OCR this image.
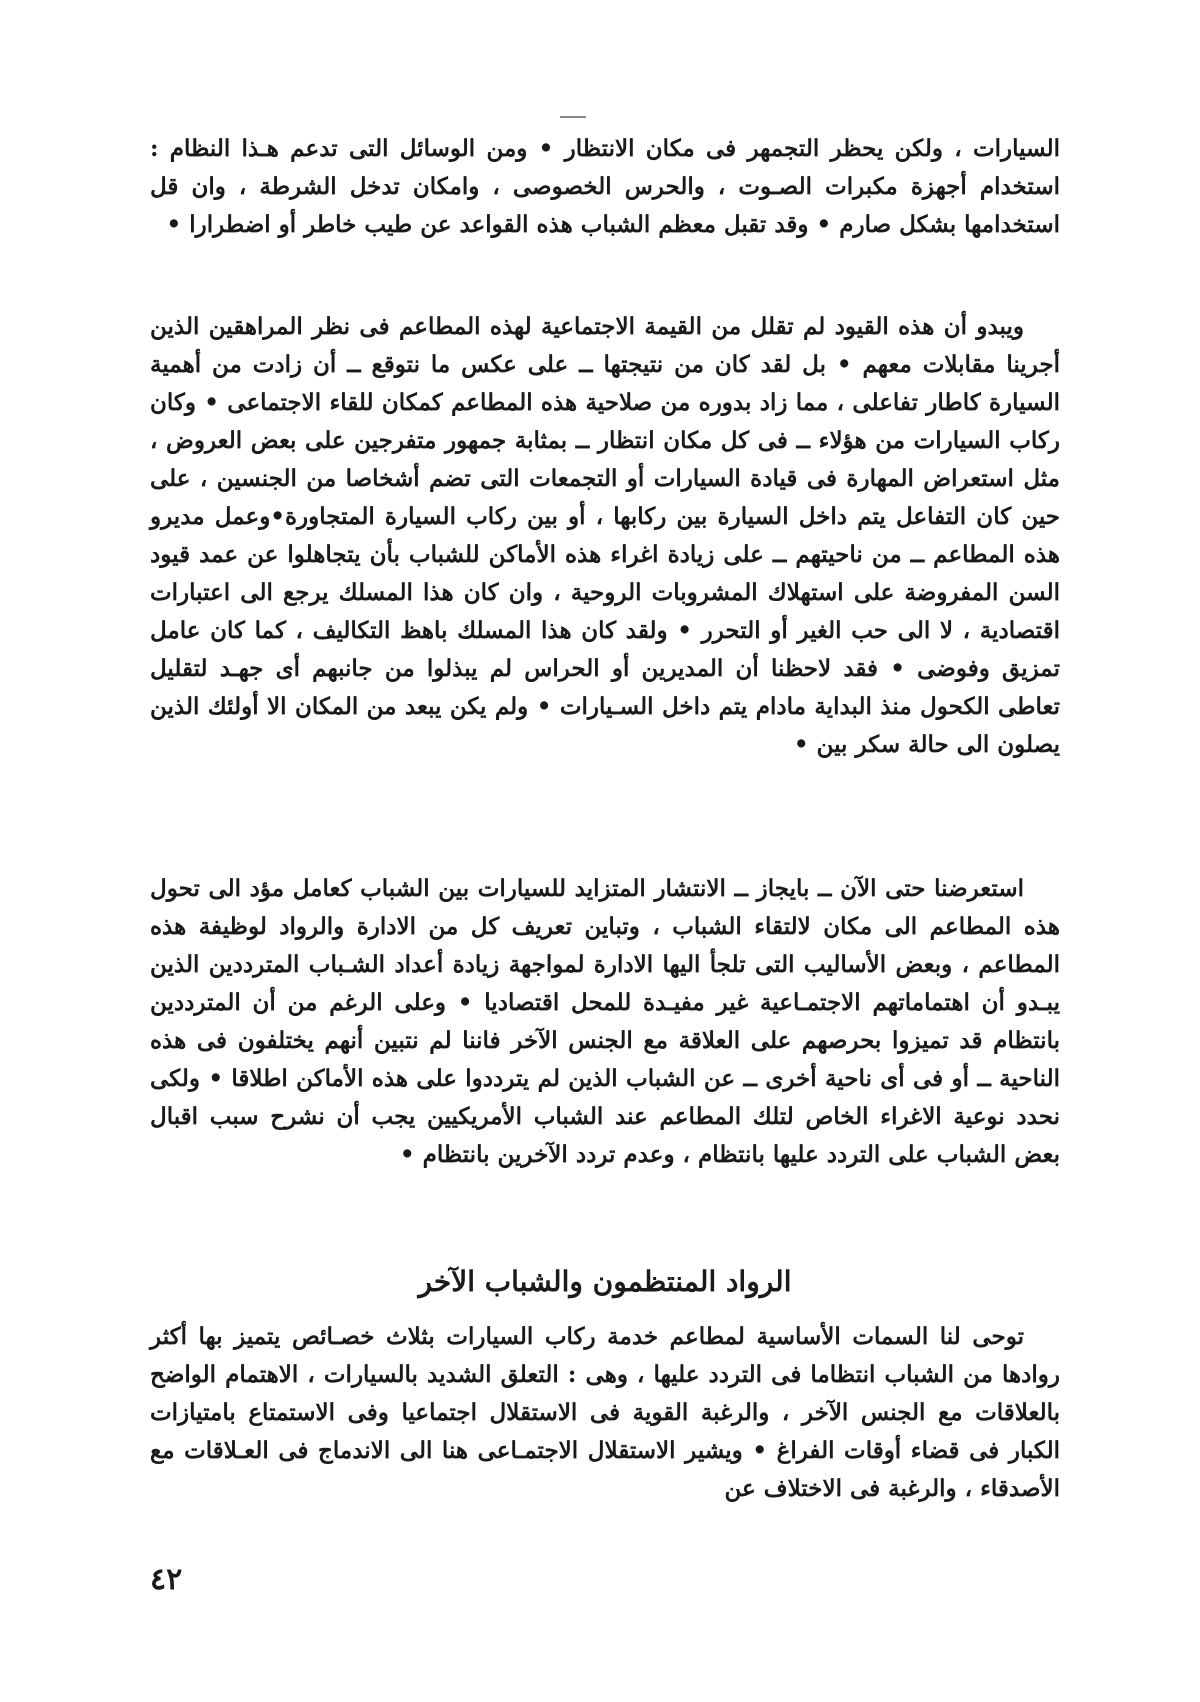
السيارات ، ولكن يحظر التجمهر فى مكان الانتظار • ومن الوسائل التى تدعم هـذا النظام : استخدام أجهزة مكبرات الصـوت ، والحرس الخصوصى ، وامكان تدخل الشرطة ، وان قل استخدامها بشكل صارم • وقد تقبل معظم الشباب هذه القواعد عن طيب خاطر أو اضطرارا •

ويبدو أن هذه القيود لم تقلل من القيمة الاجتماعية لهذه المطاعم فى نظر المراهقين الذين أجرينا مقابلات معهم • بل لقد كان من نتيجتها ــ على عكس ما نتوقع ــ أن زادت من أهمية السيارة كاطار تفاعلى ، مما زاد بدوره من صلاحية هذه المطاعم كمكان للقاء الاجتماعى • وكان ركاب السيارات من هؤلاء ــ فى كل مكان انتظار ــ بمثابة جمهور متفرجين على بعض العروض ، مثل استعراض المهارة فى قيادة السيارات أو التجمعات التى تضم أشخاصا من الجنسين ، على حين كان التفاعل يتم داخل السيارة بين ركابها ، أو بين ركاب السيارة المتجاورة•وعمل مديرو هذه المطاعم ــ من ناحيتهم ــ على زيادة اغراء هذه الأماكن للشباب بأن يتجاهلوا عن عمد قيود السن المفروضة على استهلاك المشروبات الروحية ، وان كان هذا المسلك يرجع الى اعتبارات اقتصادية ، لا الى حب الغير أو التحرر • ولقد كان هذا المسلك باهظ التكاليف ، كما كان عامل تمزيق وفوضى • فقد لاحظنا أن المديرين أو الحراس لم يبذلوا من جانبهم أى جهـد لتقليل تعاطى الكحول منذ البداية مادام يتم داخل السـيارات • ولم يكن يبعد من المكان الا أولئك الذين يصلون الى حالة سكر بين •

استعرضنا حتى الآن ــ بايجاز ــ الانتشار المتزايد للسيارات بين الشباب كعامل مؤد الى تحول هذه المطاعم الى مكان لالتقاء الشباب ، وتباين تعريف كل من الادارة والرواد لوظيفة هذه المطاعم ، وبعض الأساليب التى تلجأ اليها الادارة لمواجهة زيادة أعداد الشـباب المترددين الذين يبـدو أن اهتماماتهم الاجتمـاعية غير مفيـدة للمحل اقتصاديا • وعلى الرغم من أن المترددين بانتظام قد تميزوا بحرصهم على العلاقة مع الجنس الآخر فاننا لم نتبين أنهم يختلفون فى هذه الناحية ــ أو فى أى ناحية أخرى ــ عن الشباب الذين لم يترددوا على هذه الأماكن اطلاقا • ولكى نحدد نوعية الاغراء الخاص لتلك المطاعم عند الشباب الأمريكيين يجب أن نشرح سبب اقبال بعض الشباب على التردد عليها بانتظام ، وعدم تردد الآخرين بانتظام •

الرواد المنتظمون والشباب الآخر

توحى لنا السمات الأساسية لمطاعم خدمة ركاب السيارات بثلاث خصـائص يتميز بها أكثر روادها من الشباب انتظاما فى التردد عليها ، وهى : التعلق الشديد بالسيارات ، الاهتمام الواضح بالعلاقات مع الجنس الآخر ، والرغبة القوية فى الاستقلال اجتماعيا وفى الاستمتاع بامتيازات الكبار فى قضاء أوقات الفراغ • ويشير الاستقلال الاجتمـاعى هنا الى الاندماج فى العـلاقات مع الأصدقاء ، والرغبة فى الاختلاف عن

٤٢
